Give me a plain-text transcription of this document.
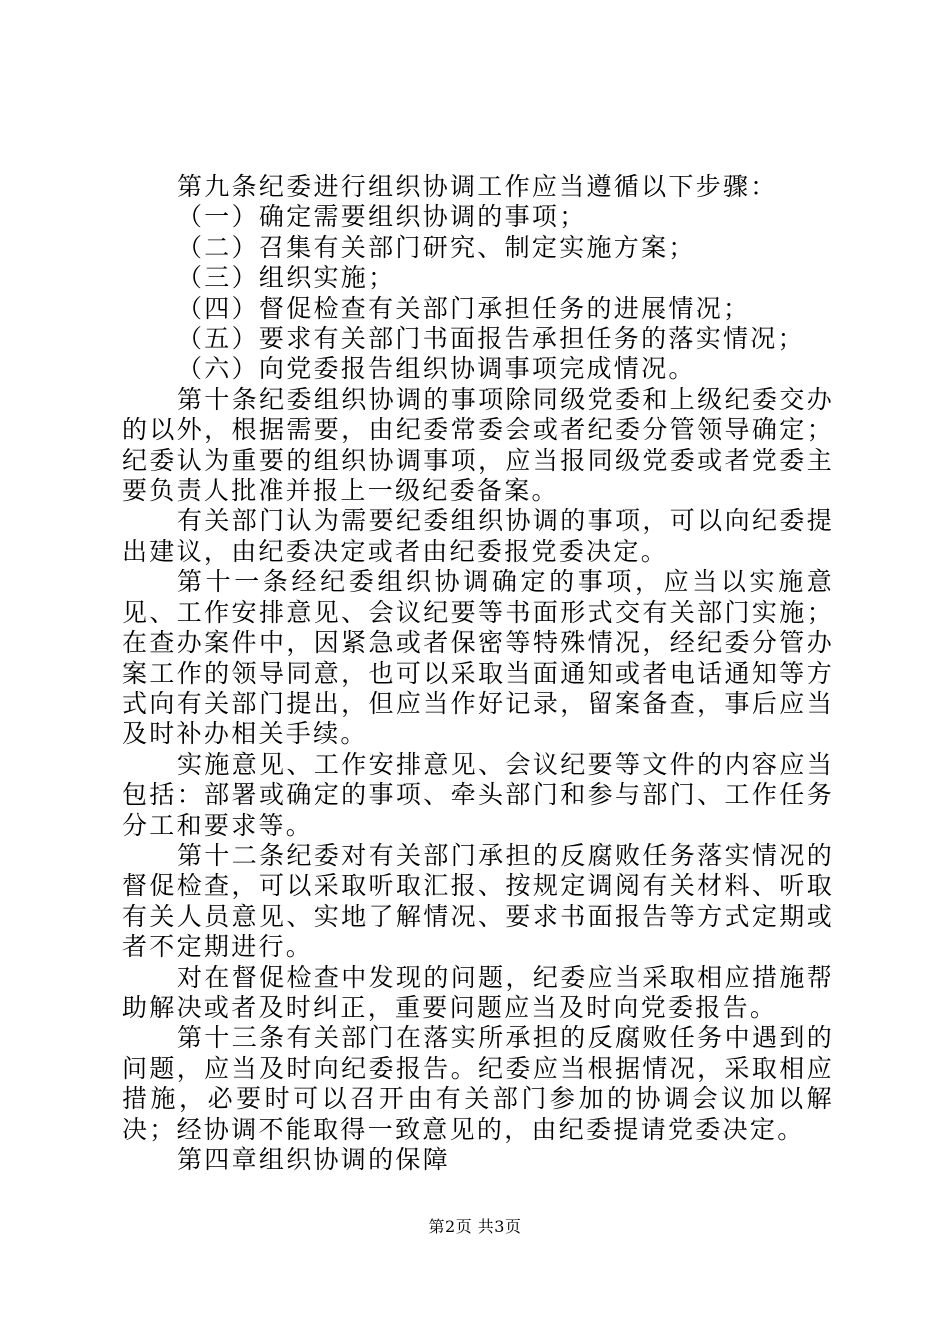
第九条纪委进行组织协调工作应当遵循以下步骤：

（一）确定需要组织协调的事项；

（二）召集有关部门研究、制定实施方案；

（三）组织实施；

（四）督促检查有关部门承担任务的进展情况；

（五）要求有关部门书面报告承担任务的落实情况；

（六）向党委报告组织协调事项完成情况。

第十条纪委组织协调的事项除同级党委和上级纪委交办的以外，根据需要，由纪委常委会或者纪委分管领导确定；纪委认为重要的组织协调事项，应当报同级党委或者党委主要负责人批准并报上一级纪委备案。

有关部门认为需要纪委组织协调的事项，可以向纪委提出建议，由纪委决定或者由纪委报党委决定。

第十一条经纪委组织协调确定的事项，应当以实施意见、工作安排意见、会议纪要等书面形式交有关部门实施；在查办案件中，因紧急或者保密等特殊情况，经纪委分管办案工作的领导同意，也可以采取当面通知或者电话通知等方式向有关部门提出，但应当作好记录，留案备查，事后应当及时补办相关手续。

实施意见、工作安排意见、会议纪要等文件的内容应当包括：部署或确定的事项、牵头部门和参与部门、工作任务分工和要求等。

第十二条纪委对有关部门承担的反腐败任务落实情况的督促检查，可以采取听取汇报、按规定调阅有关材料、听取有关人员意见、实地了解情况、要求书面报告等方式定期或者不定期进行。

对在督促检查中发现的问题，纪委应当采取相应措施帮助解决或者及时纠正，重要问题应当及时向党委报告。

第十三条有关部门在落实所承担的反腐败任务中遇到的问题，应当及时向纪委报告。纪委应当根据情况，采取相应措施，必要时可以召开由有关部门参加的协调会议加以解决；经协调不能取得一致意见的，由纪委提请党委决定。

第四章组织协调的保障

第2页 共3页
